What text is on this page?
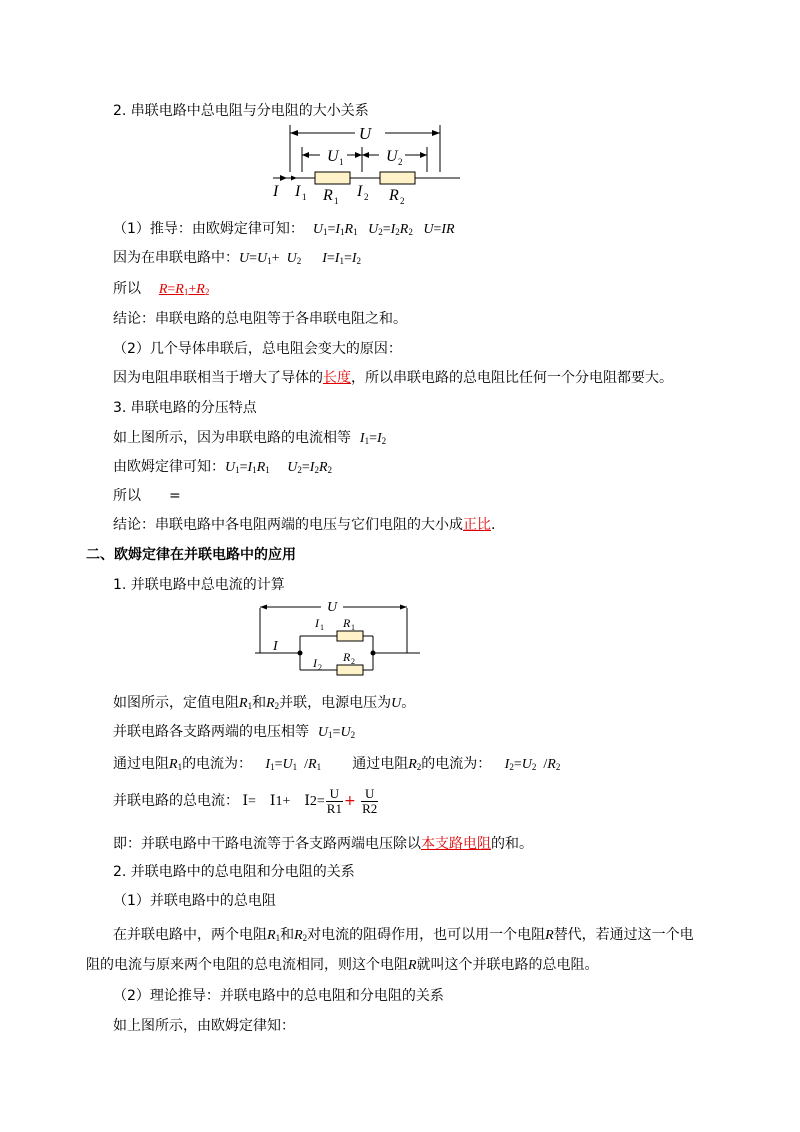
2. 串联电路中总电阻与分电阻的大小关系
U
U 1	U 2
I I 1	I 2
R 1	R 2
（1）推导：由欧姆定律可知： $U_1=I_1R_1$ $U_2=I_2R_2$ U=IR
因为在串联电路中：$U=U_1+ U_2$ $I=I_1=I_2$
所以 $R=R_1+R_2$
结论：串联电路的总电阻等于各串联电阻之和。
（2）几个导体串联后，总电阻会变大的原因：
因为电阻串联相当于增大了导体的长度，所以串联电路的总电阻比任何一个分电阻都要大。
3. 串联电路的分压特点
如上图所示，因为串联电路的电流相等 $I_1=I_2$
由欧姆定律可知：$U_1=I_1R_1$ $U_2=I_2R_2$
所以　　=
结论：串联电路中各电阻两端的电压与它们电阻的大小成正比.
二、欧姆定律在并联电路中的应用
1. 并联电路中总电流的计算
U
I
I 1 R 1
I 2
R 2
如图所示，定值电阻$R_1$和$R_2$并联，电源电压为U。
并联电路各支路两端的电压相等 $U_1=U_2$
通过电阻$R_1$的电流为： $I_1=U_1$  $/R_1$ 通过电阻$R_2$的电流为： $I_2=U_2$  $/R_2$
并联电路的总电流： Ⅰ=    Ⅰ1+    Ⅰ2= $\frac{U}{R1} + \frac{U}{R2}$
即：并联电路中干路电流等于各支路两端电压除以本支路电阻的和。
2. 并联电路中的总电阻和分电阻的关系
（1）并联电路中的总电阻
在并联电路中，两个电阻$R_1$和$R_2$对电流的阻碍作用，也可以用一个电阻R替代，若通过这一个电
阻的电流与原来两个电阻的总电流相同，则这个电阻R就叫这个并联电路的总电阻。
（2）理论推导：并联电路中的总电阻和分电阻的关系
如上图所示，由欧姆定律知：
